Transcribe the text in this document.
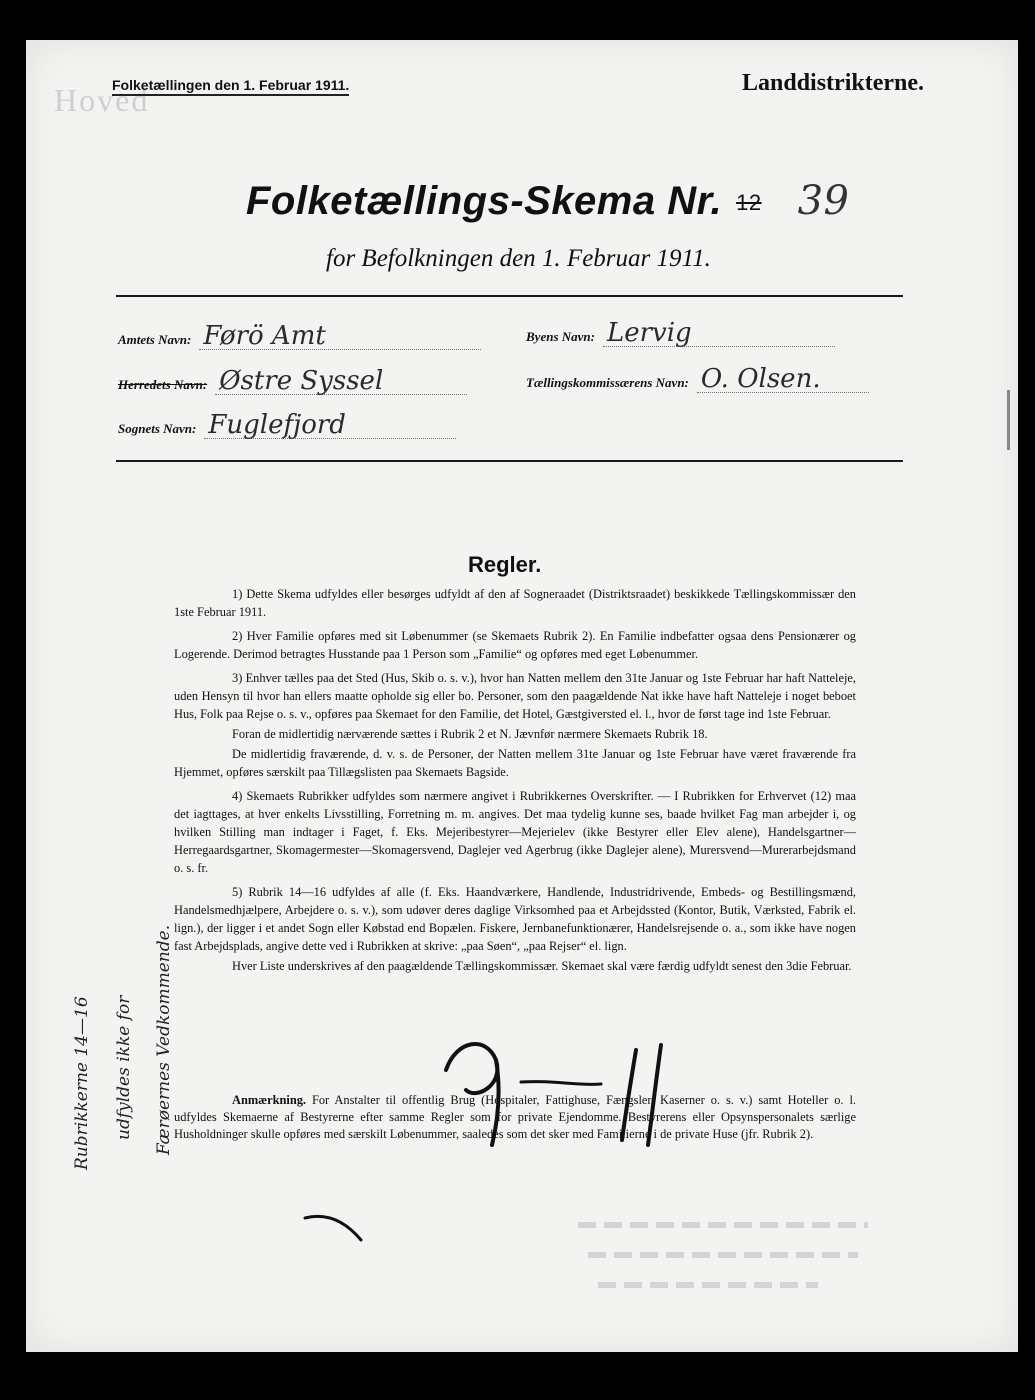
Hoved
Folketællingen den 1. Februar 1911.	Landdistrikterne.
Folketællings-Skema Nr. 12 39
for Befolkningen den 1. Februar 1911.
Amtets Navn: Førö Amt	Byens Navn: Lervig
Herredets Navn: Østre Syssel	Tællingskommissærens Navn: O. Olsen.
Sognets Navn: Fuglefjord
Regler.

1) Dette Skema udfyldes eller besørges udfyldt af den af Sogneraadet (Distriktsraadet) beskikkede Tællingskommissær den 1ste Februar 1911.

2) Hver Familie opføres med sit Løbenummer (se Skemaets Rubrik 2). En Familie indbefatter ogsaa dens Pensionærer og Logerende. Derimod betragtes Husstande paa 1 Person som „Familie“ og opføres med eget Løbenummer.

3) Enhver tælles paa det Sted (Hus, Skib o. s. v.), hvor han Natten mellem den 31te Januar og 1ste Februar har haft Natteleje, uden Hensyn til hvor han ellers maatte opholde sig eller bo. Personer, som den paagældende Nat ikke have haft Natteleje i noget beboet Hus, Folk paa Rejse o. s. v., opføres paa Skemaet for den Familie, det Hotel, Gæstgiversted el. l., hvor de først tage ind 1ste Februar.

Foran de midlertidig nærværende sættes i Rubrik 2 et N. Jævnfør nærmere Skemaets Rubrik 18.

De midlertidig fraværende, d. v. s. de Personer, der Natten mellem 31te Januar og 1ste Februar have været fraværende fra Hjemmet, opføres særskilt paa Tillægslisten paa Skemaets Bagside.

4) Skemaets Rubrikker udfyldes som nærmere angivet i Rubrikkernes Overskrifter. — I Rubrikken for Erhvervet (12) maa det iagttages, at hver enkelts Livsstilling, Forretning m. m. angives. Det maa tydelig kunne ses, baade hvilket Fag man arbejder i, og hvilken Stilling man indtager i Faget, f. Eks. Mejeribestyrer—Mejerielev (ikke Bestyrer eller Elev alene), Handelsgartner—Herregaardsgartner, Skomagermester—Skomagersvend, Daglejer ved Agerbrug (ikke Daglejer alene), Murersvend—Murerarbejdsmand o. s. fr.

5) Rubrik 14—16 udfyldes af alle (f. Eks. Haandværkere, Handlende, Industridrivende, Embeds- og Bestillingsmænd, Handelsmedhjælpere, Arbejdere o. s. v.), som udøver deres daglige Virksomhed paa et Arbejdssted (Kontor, Butik, Værksted, Fabrik el. lign.), der ligger i et andet Sogn eller Købstad end Bopælen. Fiskere, Jernbanefunktionærer, Handelsrejsende o. a., som ikke have nogen fast Arbejdsplads, angive dette ved i Rubrikken at skrive: „paa Søen“, „paa Rejser“ el. lign.

Hver Liste underskrives af den paagældende Tællingskommissær. Skemaet skal være færdig udfyldt senest den 3die Februar.

Anmærkning. For Anstalter til offentlig Brug (Hospitaler, Fattighuse, Fængsler, Kaserner o. s. v.) samt Hoteller o. l. udfyldes Skemaerne af Bestyrerne efter samme Regler som for private Ejendomme. Bestyrerens eller Opsynspersonalets særlige Husholdninger skulle opføres med særskilt Løbenummer, saaledes som det sker med Familierne i de private Huse (jfr. Rubrik 2).
Rubrikkerne 14—16 udfyldes ikke for Færøernes Vedkommende.
